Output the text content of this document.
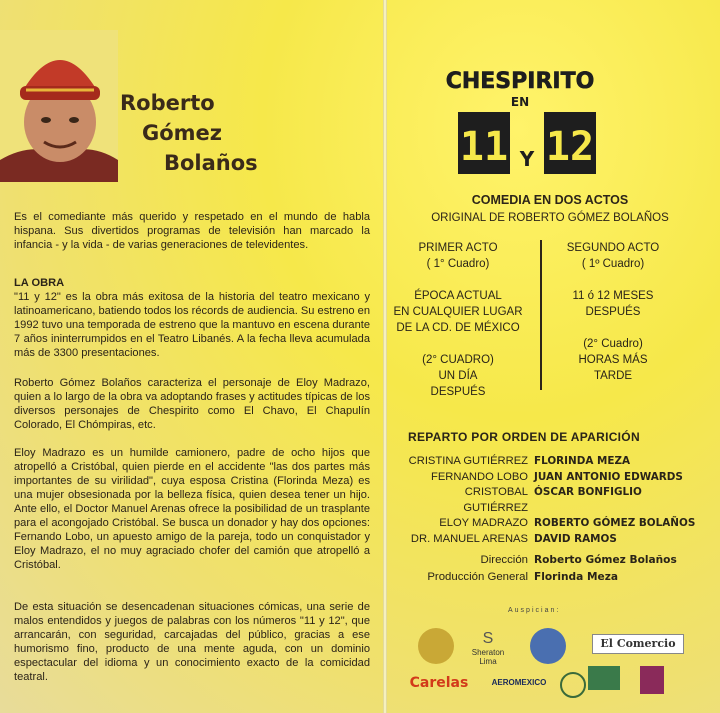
Roberto
Gómez
Bolaños

Es el comediante más querido y respetado en el mundo de habla hispana. Sus divertidos programas de televisión han marcado la infancia - y la vida - de varias generaciones de televidentes.

LA OBRA

"11 y 12" es la obra más exitosa de la historia del teatro mexicano y latinoamericano, batiendo todos los récords de audiencia. Su estreno en 1992 tuvo una temporada de estreno que la mantuvo en escena durante 7 años ininterrumpidos en el Teatro Libanés. A la fecha lleva acumulada más de 3300 presentaciones.

Roberto Gómez Bolaños caracteriza el personaje de Eloy Madrazo, quien a lo largo de la obra va adoptando frases y actitudes típicas de los diversos personajes de Chespirito como El Chavo, El Chapulín Colorado, El Chómpiras, etc.

Eloy Madrazo es un humilde camionero, padre de ocho hijos que atropelló a Cristóbal, quien pierde en el accidente "las dos partes más importantes de su virilidad", cuya esposa Cristina (Florinda Meza) es una mujer obsesionada por la belleza física, quien desea tener un hijo. Ante ello, el Doctor Manuel Arenas ofrece la posibilidad de un trasplante para el acongojado Cristóbal. Se busca un donador y hay dos opciones: Fernando Lobo, un apuesto amigo de la pareja, todo un conquistador y Eloy Madrazo, el no muy agraciado chofer del camión que atropelló a Cristóbal.

De esta situación se desencadenan situaciones cómicas, una serie de malos entendidos y juegos de palabras con los números "11 y 12", que arrancarán, con seguridad, carcajadas del público, gracias a ese humorismo fino, producto de una mente aguda, con un dominio espectacular del idioma y un conocimiento exacto de la comicidad teatral.

CHESPIRITO
EN
11 Y 12
COMEDIA EN DOS ACTOS
ORIGINAL DE ROBERTO GÓMEZ BOLAÑOS
PRIMER ACTO
( 1° Cuadro)
ÉPOCA ACTUAL
EN CUALQUIER LUGAR
DE LA CD. DE MÉXICO
(2° CUADRO)
UN DÍA
DESPUÉS
SEGUNDO ACTO
( 1º Cuadro)
11 ó 12 MESES
DESPUÉS
(2° Cuadro)
HORAS MÁS
TARDE
REPARTO POR ORDEN DE APARICIÓN
CRISTINA GUTIÉRREZ FLORINDA MEZA
FERNANDO LOBO JUAN ANTONIO EDWARDS
CRISTOBAL GUTIÉRREZ
ÓSCAR BONFIGLIO
ELOY MADRAZO ROBERTO GÓMEZ BOLAÑOS
DR. MANUEL ARENAS DAVID RAMOS
Dirección Roberto Gómez Bolaños
Producción General Florinda Meza
Auspician:
S
Sheraton Lima
El Comercio
Carelas	AEROMEXICO
